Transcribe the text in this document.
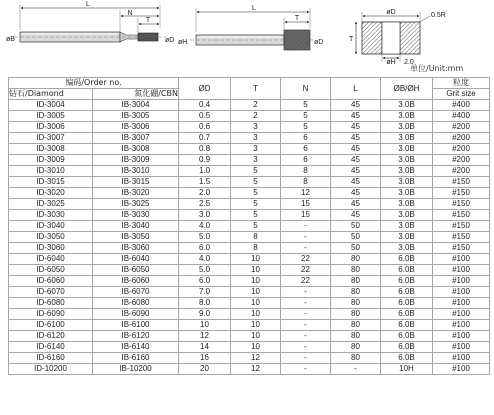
L
N
T
øB	øD
L
T
øH	øD
øD	0.5R
T
øH 2.0
单位/Unit:mm
编码/Order no.		ØD	T	N	L	ØB/ØH	粒度
钻石/Diamond	氮化硼/CBN						Grit size
ID-3004	IB-3004	0.4	2	5	45	3.0B	#400
ID-3005	IB-3005	0.5	2	5	45	3.0B	#400
ID-3006	IB-3006	0.6	3	5	45	3.0B	#200
ID-3007	IB-3007	0.7	3	6	45	3.0B	#200
ID-3008	IB-3008	0.8	3	6	45	3.0B	#200
ID-3009	IB-3009	0.9	3	6	45	3.0B	#200
ID-3010	IB-3010	1.0	5	8	45	3.0B	#200
ID-3015	IB-3015	1.5	5	8	45	3.0B	#150
ID-3020	IB-3020	2.0	5	12	45	3.0B	#150
ID-3025	IB-3025	2.5	5	15	45	3.0B	#150
ID-3030	IB-3030	3.0	5	15	45	3.0B	#150
ID-3040	IB-3040	4.0	5	-	50	3.0B	#150
ID-3050	IB-3050	5.0	8	-	50	3.0B	#150
ID-3060	IB-3060	6.0	8	-	50	3.0B	#150
ID-6040	IB-6040	4.0	10	22	80	6.0B	#100
ID-6050	IB-6050	5.0	10	22	80	6.0B	#100
ID-6060	IB-6060	6.0	10	22	80	6.0B	#100
ID-6070	IB-6070	7.0	10	-	80	6.0B	#100
ID-6080	IB-6080	8.0	10	-	80	6.0B	#100
ID-6090	IB-6090	9.0	10	-	80	6.0B	#100
ID-6100	IB-6100	10	10	-	80	6.0B	#100
ID-6120	IB-6120	12	10	-	80	6.0B	#100
ID-6140	IB-6140	14	10	-	80	6.0B	#100
ID-6160	IB-6160	16	12	-	80	6.0B	#100
ID-10200	IB-10200	20	12	-	-	10H	#100
